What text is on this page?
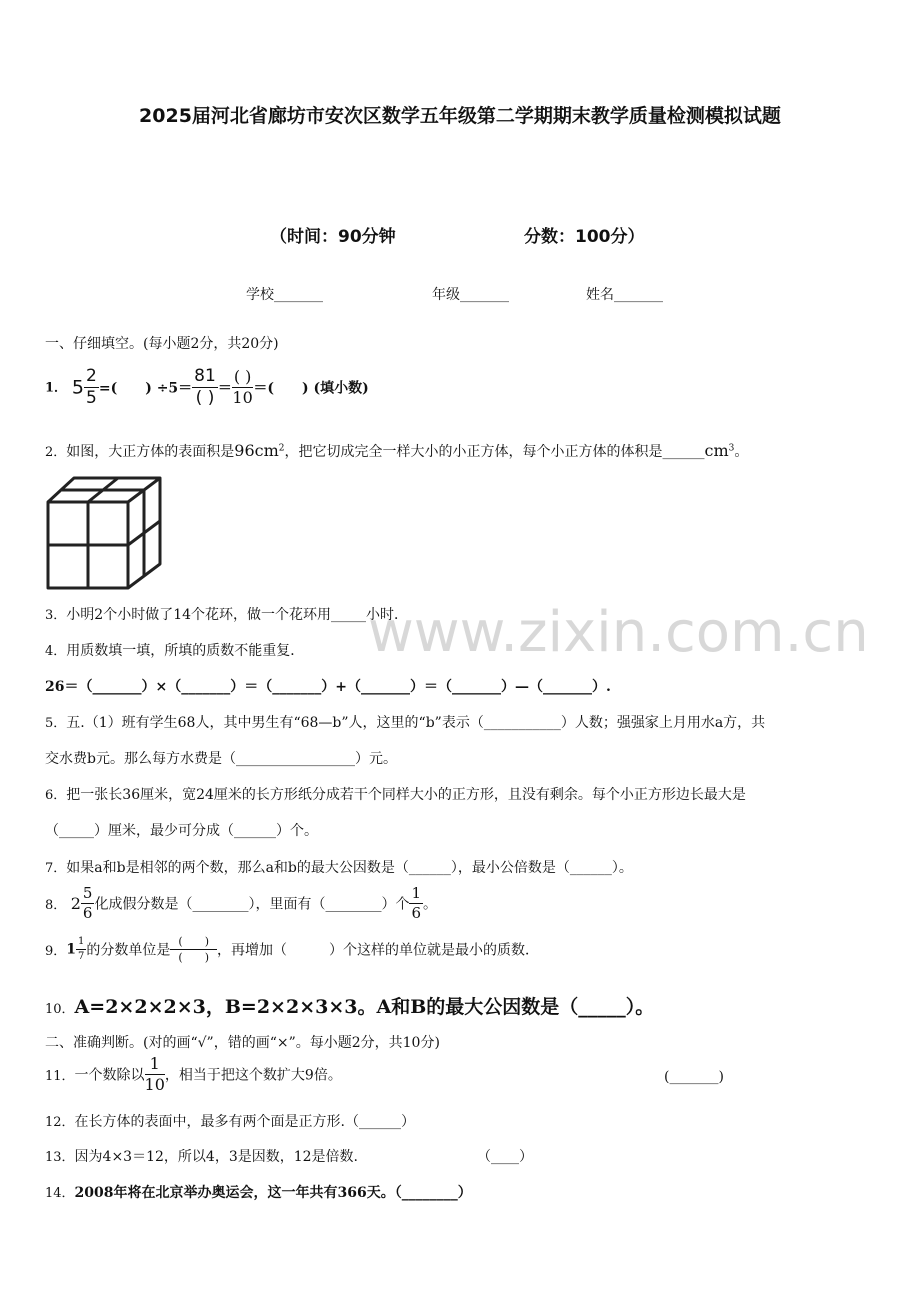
2025届河北省廊坊市安次区数学五年级第二学期期末教学质量检测模拟试题
（时间：90分钟	分数：100分）
学校_______	年级_______	姓名_______
一、仔细填空。(每小题2分，共20分)
1． $5 \frac{2}{5}$ =(　　) $\div 5= \frac{81}{( )} = \frac{( )}{10}$ ＝(　　) (填小数)
2．如图，大正方体的表面积是$96cm^2$，把它切成完全一样大小的小正方体，每个小正方体的体积是$\_\_\_\_\_\_cm^3$。
3．小明2个小时做了14个花环，做一个花环用_____小时．
4．用质数填一填，所填的质数不能重复．
26＝（_______）×（_______）＝（_______）+（_______）＝（_______）—（_______）.
5．五.（1）班有学生68人，其中男生有“68—b”人，这里的“b”表示（___________）人数；强强家上月用水a方，共
交水费b元。那么每方水费是（_________________）元。
6．把一张长36厘米，宽24厘米的长方形纸分成若干个同样大小的正方形，且没有剩余。每个小正方形边长最大是
（_____）厘米，最少可分成（______）个。
7．如果a和b是相邻的两个数，那么a和b的最大公因数是（______），最小公倍数是（______）。
8． $2 \frac{5}{6}$ 化成假分数是（________），里面有（________）个 $\frac{1}{6}$ 。
9．$1 \frac{1}{7}$ 的分数单位是 $\frac{( )}{( )}$ ，再增加（　　　）个这样的单位就是最小的质数．
10．A=2×2×2×3，B=2×2×3×3。A和B的最大公因数是（_____）。
二、准确判断。(对的画“√”，错的画“×”。每小题2分，共10分)
11．一个数除以 $\frac{1}{10}$ ，相当于把这个数扩大9倍。	(_______)
12．在长方体的表面中，最多有两个面是正方形.（______）
13．因为4×3＝12，所以4，3是因数，12是倍数.	（____）
14．2008年将在北京举办奥运会，这一年共有366天。（________）
www.zixin.com.cn
